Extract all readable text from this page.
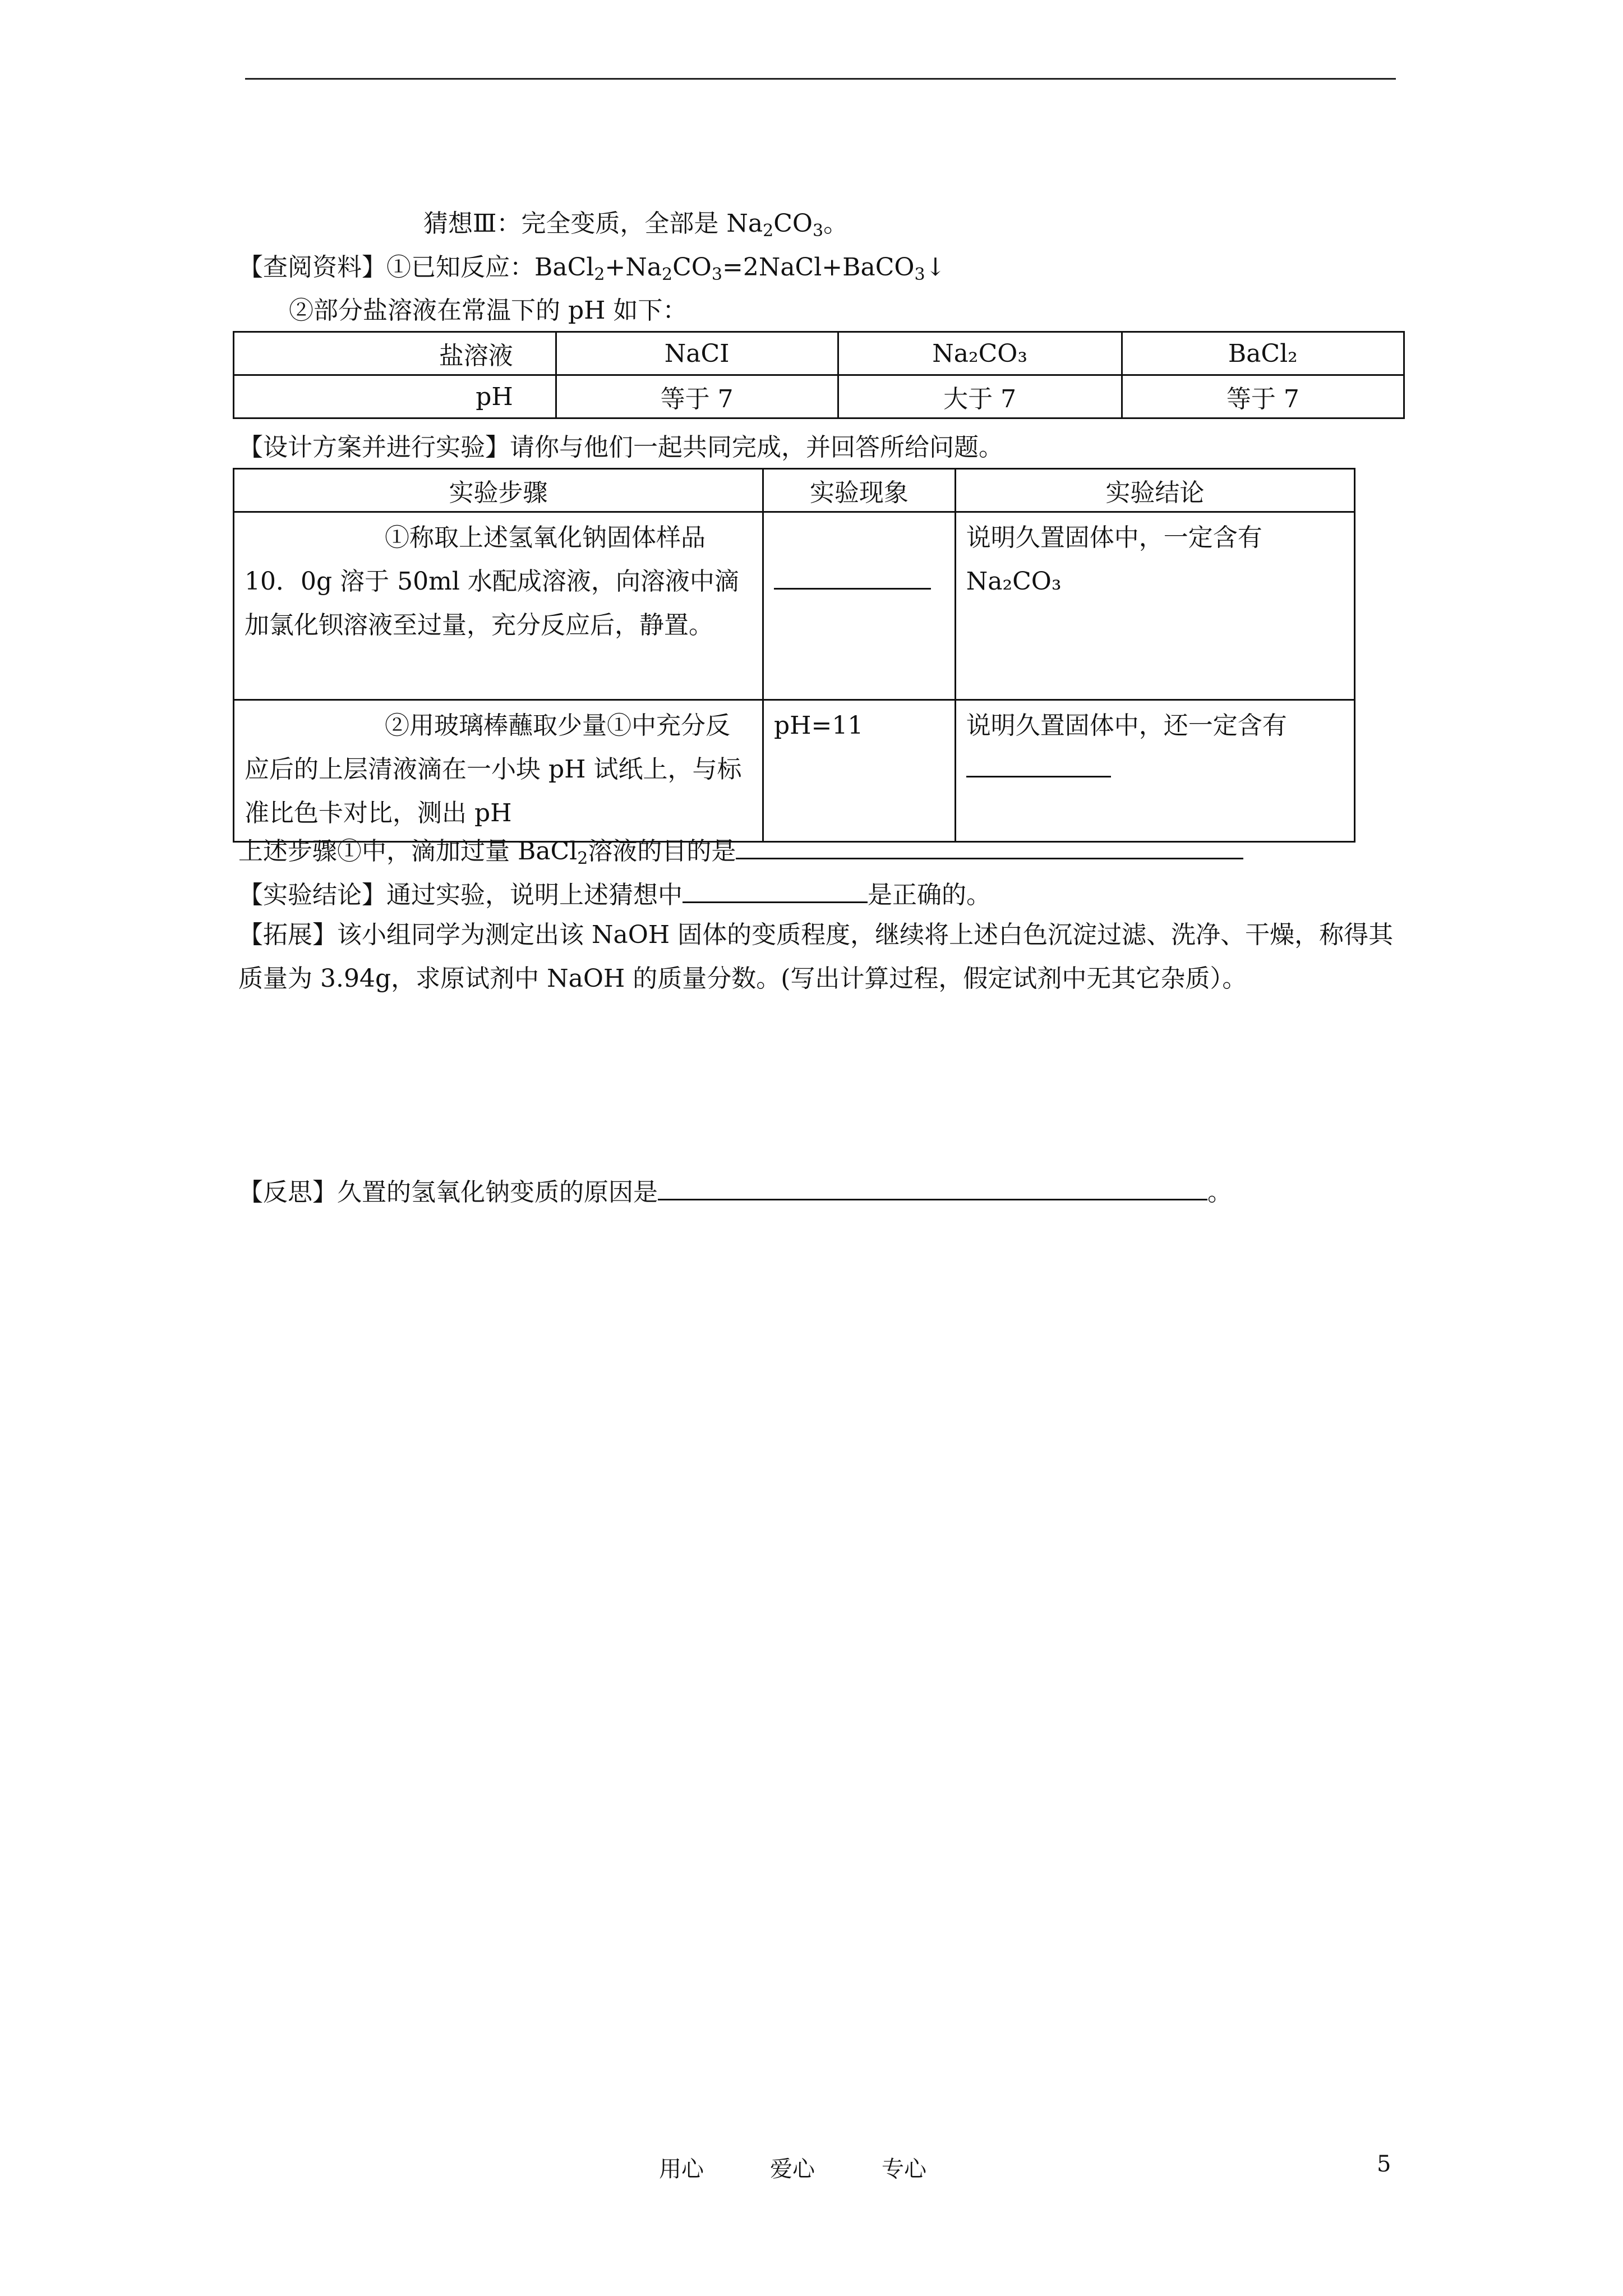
猜想Ⅲ：完全变质，全部是 $Na_2CO_3$。
【查阅资料】①已知反应：$BaCl_2+Na_2CO_3=2NaCl+BaCO_3↓$
②部分盐溶液在常温下的 pH 如下：
盐溶液	NaCI	Na₂CO₃	BaCl₂
pH	等于 7	大于 7	等于 7
【设计方案并进行实验】请你与他们一起共同完成，并回答所给问题。
实验步骤	实验现象	实验结论
①称取上述氢氧化钠固体样品 10．0g 溶于 50ml 水配成溶液，向溶液中滴加氯化钡溶液至过量，充分反应后，静置。		说明久置固体中，一定含有
Na₂CO₃

②用玻璃棒蘸取少量①中充分反应后的上层清液滴在一小块 pH 试纸上，与标准比色卡对比，测出 pH	pH=11	说明久置固体中，还一定含有
上述步骤①中，滴加过量 BaCl$_2$溶液的目的是
【实验结论】通过实验，说明上述猜想中	是正确的。
【拓展】该小组同学为测定出该 NaOH 固体的变质程度，继续将上述白色沉淀过滤、洗净、干燥，称得其质量为 3.94g，求原试剂中 NaOH 的质量分数。(写出计算过程，假定试剂中无其它杂质）。
【反思】久置的氢氧化钠变质的原因是	。
用心	爱心	专心	5
